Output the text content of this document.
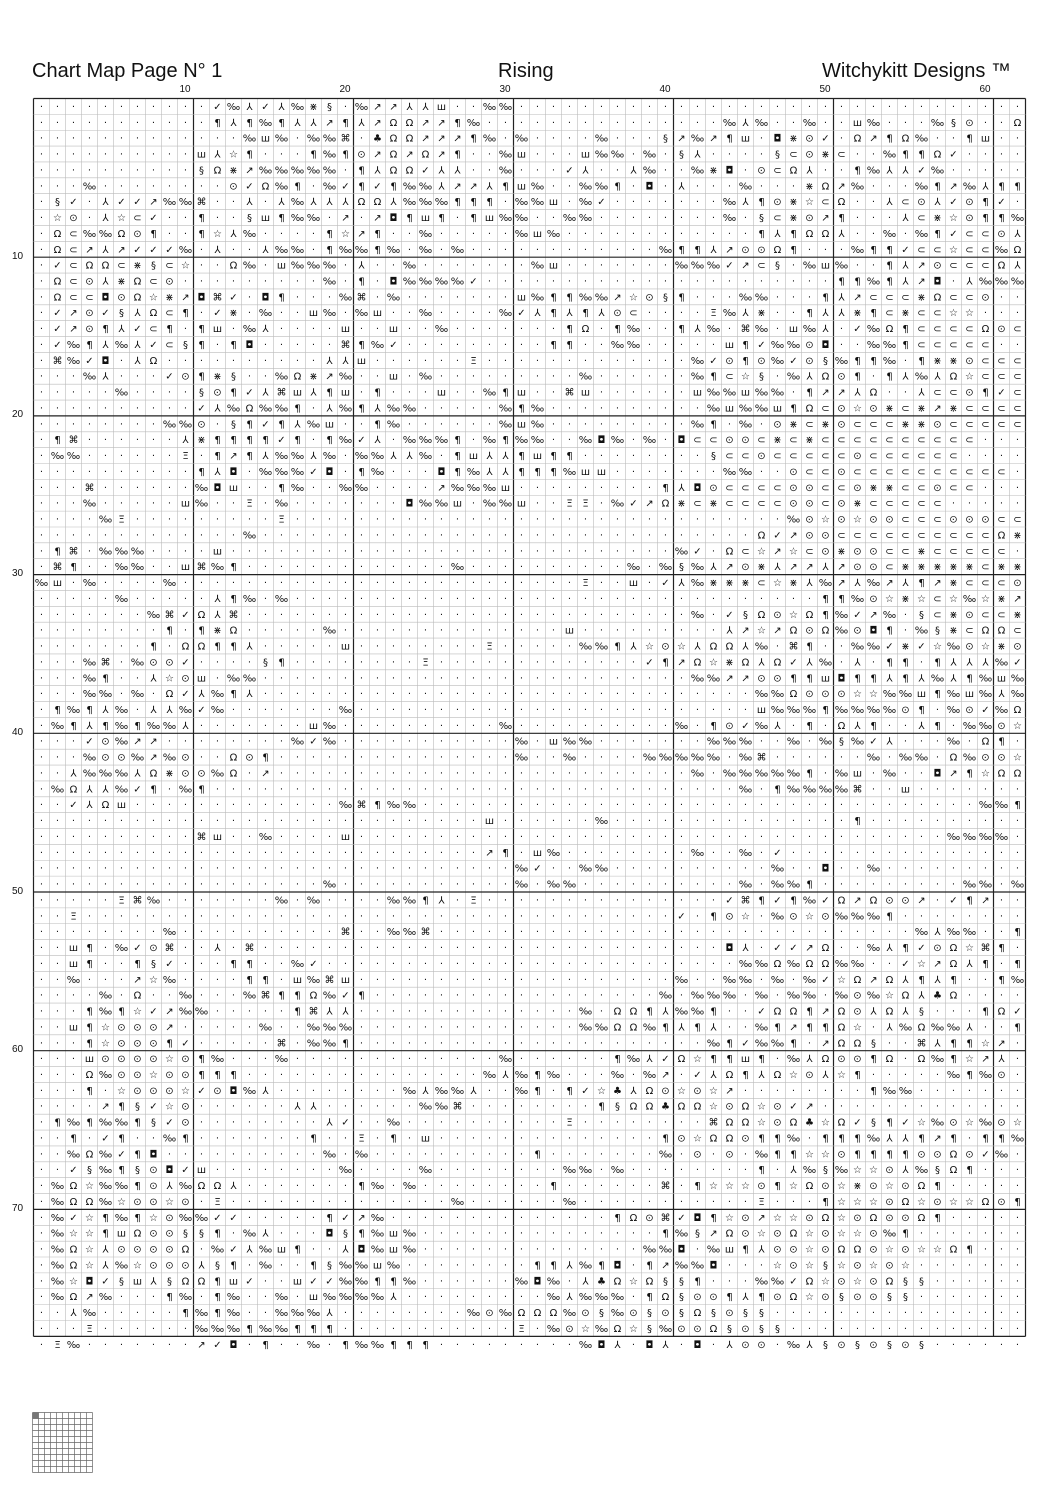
Chart Map Page N° 1	Rising	Witchykitt Designs ™
10	20	30	40	50	60
10
20
30
40
50
60
70
· · · · · · · · · · · ✓ ‰ ⅄ ✓ ⅄ ‰ ⋇ § · ‰ ↗ ↗ ⅄ ⅄ ш · · ‰ ‰ · · · · · · · · · · · · · · · · · · · · · · · · · · · · · · · ·
· · · · · · · · · · · ¶ ⅄ ¶ ‰ ¶ ⅄ ⅄ ↗ ¶ ⅄ ↗ Ω Ω ↗ ↗ ¶ ‰ · · · · · · · · · · · · · · · ‰ ⅄ ‰ · · ‰ · · ш ‰ · · · ‰ § ⊙ · · Ω
· · · · · · · · · · · · · ‰ ш ‰ · ‰ ‰ ⌘ · ♣ Ω Ω ↗ ↗ ↗ ¶ ‰ · ‰ · · · · ‰ · · · § ↗ ‰ ↗ ¶ ш · ◘ ⋇ ⊙ ✓ · Ω ↗ ¶ Ω ‰ · · ¶ ш · ·
· · · · · · · · · · ш ⅄ ☆ ¶ · · · ¶ ‰ ¶ ⊙ ↗ Ω ↗ Ω ↗ ¶ · · ‰ ш · · · ш ‰ ‰ · ‰ · § ⅄ · · · · § ⊂ ⊙ ⋇ ⊂ · · ‰ ¶ ¶ Ω ✓ · · · ·
· · · · · · · · · · § Ω ⋇ ↗ ‰ ‰ ‰ ‰ ‰ · ¶ ⅄ Ω Ω ✓ ⅄ ⅄ · · ‰ · · · ✓ ⅄ · · ⅄ ‰ · · ‰ ⋇ ◘ · ⊙ ⊂ Ω ⅄ · · ¶ ‰ ⅄ ⅄ ✓ ‰ · · · · ·
· · · ‰ · · · · · · · · ⊙ ✓ Ω ‰ ¶ · ‰ ✓ ¶ ✓ ¶ ‰ ‰ ⅄ ↗ ↗ ⅄ ¶ ш ‰ · · ‰ ‰ ¶ · ◘ · ⅄ · · · ‰ · · · ⋇ Ω ↗ ‰ · · · ‰ ¶ ↗ ‰ ⅄ ¶ ¶
· § ✓ · ⅄ ✓ ✓ ↗ ‰ ‰ ⌘ · · ⅄ · ⅄ ‰ ⅄ ⅄ ⅄ Ω Ω ⅄ ‰ ‰ ‰ ¶ ¶ ¶ · ‰ ‰ ш · ‰ ✓ · · · · · · · ‰ ⅄ ¶ ⊙ ⋇ ☆ ⊂ Ω · · ⅄ ⊂ ⊙ ⅄ ✓ ⊙ ¶ ✓ ·
· ☆ ⊙ · ⅄ ☆ ⊂ ✓ · · ¶ · · § ш ¶ ‰ ‰ · ↗ · ↗ ◘ ¶ ш ¶ · ¶ ш ‰ ‰ · · ‰ ‰ · · · · · · · · ‰ · § ⊂ ⋇ ⊙ ↗ ¶ · · · ⅄ ⊂ ⋇ ☆ ⊙ ¶ ¶ ‰
· Ω ⊂ ‰ ‰ Ω ⊙ ¶ · · ¶ ☆ ⅄ ‰ · · · · ¶ ☆ ↗ ¶ · · ‰ · · · · · ‰ ш ‰ · · · · · · · · · · · · ¶ ⅄ ¶ Ω Ω ⅄ · · ‰ · ‰ ¶ ✓ ⊂ ⊂ ⊙ ⅄
· Ω ⊂ ↗ ⅄ ↗ ✓ ✓ ✓ ‰ · ⅄ · · ⅄ ‰ ‰ · ¶ ‰ ‰ ¶ ‰ · ‰ · ‰ · · · · · · · · · · · · ‰ ¶ ¶ ⅄ ↗ ⊙ ⊙ Ω ¶ · · · ‰ ¶ ¶ ✓ ⊂ ⊂ ☆ ⊂ ⊂ ‰ Ω
· ✓ ⊂ Ω Ω ⊂ ⋇ § ⊂ ☆ · · Ω ‰ · ш ‰ ‰ ‰ · ⅄ · · ‰ · · · · · · · ‰ ш · · · · · · · ‰ ‰ ‰ ✓ ↗ ⊂ § · ‰ ш ‰ · · ¶ ⅄ ↗ ⊙ ⊂ ⊂ ⊂ Ω ⅄
· Ω ⊂ ⊙ ⅄ ⋇ Ω ⊂ ⊙ · · · · · · · · · ‰ · ¶ · ◘ ‰ ‰ ‰ ‰ ✓ · · · · · · · · · · · · · · · · · · · · · · ¶ ¶ ‰ ¶ ⅄ ↗ ◘ · ⅄ ‰ ‰ ‰
· Ω ⊂ ⊂ ◘ ⊙ Ω ☆ ⋇ ↗ ◘ ⌘ ✓ · ◘ ¶ · · · ‰ ⌘ · ‰ · · · · · · · ш ‰ ¶ ¶ ‰ ‰ ↗ ☆ ⊙ § ¶ · · · ‰ ‰ · · · ¶ ⅄ ↗ ⊂ ⊂ ⊂ ⋇ Ω ⊂ ⊂ ⊙ · ·
· ✓ ↗ ⊙ ✓ § ⅄ Ω ⊂ ¶ · ✓ ⋇ · ‰ · · ш ‰ · ‰ ш · · ‰ · · · · ‰ ✓ ⅄ ¶ ⅄ ¶ ⅄ ⊙ ⊂ · · · · Ξ ‰ ⅄ ⋇ · · ¶ ⅄ ⅄ ⋇ ¶ ⊂ ⋇ ⊂ ⊂ ☆ ☆ · · ·
· ✓ ↗ ⊙ ¶ ⅄ ✓ ⊂ ¶ · ¶ ш · ‰ ⅄ · · · · ш · · ш · · ‰ · · · · · · · ¶ Ω · ¶ ‰ · · ¶ ⅄ ‰ · ⌘ ‰ · ш ‰ ⅄ · ✓ ‰ Ω ¶ ⊂ ⊂ ⊂ ⊂ Ω ⊙ ⊂
· ✓ ‰ ¶ ⅄ ‰ ⅄ ✓ ⊂ § ¶ · ¶ ◘ · · · · · ⌘ ¶ ‰ ✓ · · · · · · · · · ¶ ¶ · · ‰ ‰ · · · · · ш ¶ ✓ ‰ ‰ ⊙ ◘ · · ‰ ‰ ¶ ⊂ ⊂ ⊂ ⊂ ⊂ · ·
· ⌘ ‰ ✓ ◘ · ⅄ Ω · · · · · · · · · · ⅄ ⅄ ш · · · · · · Ξ · · · · · · · · · · · · · ‰ ✓ ⊙ ¶ ⊙ ‰ ✓ ⊙ § ‰ ¶ ¶ ‰ · ¶ ⋇ ⋇ ⊙ ⊂ ⊂ ⊂
· · · ‰ ⅄ · · · ✓ ⊙ ¶ ⋇ § · · ‰ Ω ⋇ ↗ ‰ · · ш · ‰ · · · · · · · · · ‰ · · · · · · ‰ ¶ ⊂ ☆ § · ‰ ⅄ Ω ⊙ ¶ · ¶ ⅄ ‰ ⅄ Ω ☆ ⊂ ⊂ ⊂
· · · · · ‰ · · · · § ⊙ ¶ ✓ ⅄ ⌘ ш ⅄ ¶ ш · ¶ · · · ш · · ‰ ¶ ш · · ⌘ ш · · · · · · ш ‰ ‰ ш ‰ ‰ · ¶ ↗ ↗ ⅄ Ω · · ⅄ ⊂ ⊂ ⊙ ¶ ✓ ⊂
· · · · · · · · · · ✓ ⅄ ‰ Ω ‰ ‰ ¶ · ⅄ ‰ ¶ ⅄ ‰ ‰ · · · · · ‰ ¶ ‰ · · · · · · · · · · ‰ ш ‰ ‰ ш ¶ Ω ⊂ ⊙ ☆ ⊙ ⋇ ⊂ ⋇ ↗ ⋇ ⊂ ⊂ ⊂ ⊂
· · · · · · · · ‰ ‰ ⊙ · § ¶ ✓ ¶ ⅄ ‰ ш · · ¶ ‰ · · · · · · ‰ ш ‰ · · · · · · · · · ‰ ¶ · ‰ · ⊙ ⋇ ⊂ ⋇ ⊙ ⊂ ⊂ ⊂ ⋇ ⋇ ⊙ ⊂ ⊂ ⊂ ⊂ ⊂
· ¶ ⌘ · · · · · · ⅄ ⋇ ¶ ¶ ¶ ¶ ✓ ¶ · ¶ ‰ ✓ ⅄ · ‰ ‰ ‰ ¶ · ‰ ¶ ‰ ‰ · · ‰ ◘ ‰ · ‰ · ◘ ⊂ ⊂ ⊙ ⊙ ⊂ ⋇ ⊂ ⋇ ⊂ ⊂ ⊂ ⊂ ⊂ ⊂ ⊂ ⊂ ⊂ ⊂ · · ·
· ‰ ‰ · · · · · · Ξ · ¶ ↗ ¶ ⅄ ‰ ‰ ⅄ ‰ · ‰ ‰ ⅄ ⅄ ‰ · ¶ ш ⅄ ⅄ ¶ ш ¶ ¶ · · · · · · · · § ⊂ ⊂ ⊙ ⊂ ⊂ ⊂ ⊂ ⊂ ⊙ ⊂ ⊂ ⊂ ⊂ ⊂ ⊂ · · · ·
· · · · · · · · · · ¶ ⅄ ◘ · ‰ ‰ ‰ ✓ ◘ · ¶ ‰ · · · ◘ ¶ ‰ ⅄ ⅄ ¶ ¶ ¶ ‰ ш ш · · · · · · · ‰ ‰ · · ⊙ ⊂ ⊂ ⊙ ⊂ ⊂ ⊂ ⊂ ⊂ ⊂ ⊂ ⊂ ⊂ ⊂ ·
· · · ⌘ · · · · · · ‰ ◘ ш · · ¶ ‰ · · ‰ ‰ · · · · ↗ ‰ ‰ ‰ ш · · · · · · · · · ¶ ⅄ ◘ ⊙ ⊂ ⊂ ⊂ ⊂ ⊙ ⊙ ⊂ ⊂ ⊙ ⋇ ⋇ ⊂ ⊂ ⊙ ⊂ ⊂ · · ·
· · · ‰ · · · · · ш ‰ · · Ξ · ‰ · · · · · · · ◘ ‰ ‰ ш · ‰ ‰ ш · · Ξ Ξ · ‰ ✓ ↗ Ω ⋇ ⊂ ⋇ ⊂ ⊂ ⊂ ⊂ ⊙ ⊙ ⊂ ⊙ ⋇ ⊂ ⊂ ⊂ ⊂ ⊂ · · · · ·
· · · · ‰ Ξ · · · · · · · · · Ξ · · · · · · · · · · · · · · · · · · · · · · · · · · · · · · · ‰ ⊙ ☆ ⊙ ☆ ⊙ ⊙ ⊂ ⊂ ⊂ ⊙ ⊙ ⊙ ⊂ ⊂
· · · · · · · · · · · · · ‰ · · · · · · · · · · · · · · · · · · · · · · · · · · · · · · · Ω ✓ ↗ ⊙ ⊙ ⊂ ⊂ ⊂ ⊂ ⊂ ⊂ ⊂ ⊂ ⊂ ⊂ Ω ⋇
· ¶ ⌘ · ‰ ‰ ‰ · · · · ш · · · · · · · · · · · · · · · · · · · · · · · · · · · · ‰ ✓ · Ω ⊂ ☆ ↗ ☆ ⊂ ⊙ ⋇ ⊙ ⊙ ⊂ ⊂ ⋇ ⊂ ⊂ ⊂ ⊂ ⊂ ·
· ⌘ ¶ · · ‰ ‰ · · ш ⌘ ‰ ¶ · · · · · · · · · · · · · ‰ · · · · · · · · · · ‰ · ‰ § ‰ ⅄ ↗ ⊙ ⋇ ⅄ ↗ ↗ ⅄ ↗ ⊙ ⊙ ⊂ ⋇ ⋇ ⋇ ⋇ ⋇ ⊂ ⋇ ⋇
‰ ш · ‰ · · · · ‰ · · · · · · · · · · · · · · · · · · · · · · · · · Ξ · · ш · ✓ ⅄ ‰ ⋇ ⋇ ⋇ ⊂ ☆ ⋇ ⅄ ‰ ↗ ⅄ ‰ ↗ ⅄ ¶ ↗ ⋇ ⊂ ⊂ ⊂ ⊙
· · · · · ‰ · · · · · ⅄ ¶ ‰ · ‰ · · · · · · · · · · · · · · · · · · · · · · · · · · · · · · · · · ¶ ¶ ‰ ⊙ ☆ ⋇ ☆ ⊂ ☆ ‰ ☆ ⋇ ↗
· · · · · · · ‰ ⌘ ✓ Ω ⅄ ⌘ · · · · · · · · · · · · · · · · · · · · · · · · · · · · ‰ · ✓ § Ω ⊙ ☆ Ω ¶ ‰ ✓ ↗ ‰ · § ⊂ ⋇ ⊙ ⊂ ⊂ ⋇
· · · · · · · · ¶ · ¶ ⋇ Ω · · · · · ‰ · · · · · · · · · · · · · · ш · · · · · · · · · ⅄ ↗ ☆ ↗ Ω ⊙ Ω ‰ ⊙ ◘ ¶ · ‰ § ⋇ ⊂ Ω Ω ⊂
· · · · · · · ¶ · Ω Ω ¶ ¶ ⅄ · · · · · ш · · · · · · · · Ξ · · · · · ‰ ‰ ¶ ⅄ ☆ ⊙ ☆ ⅄ Ω Ω ⅄ ‰ · ⌘ ¶ · · ‰ ‰ ✓ ⋇ ✓ ☆ ‰ ⊙ ☆ ⋇ ⊙
· · · ‰ ⌘ · ‰ ⊙ ⊙ ✓ · · · · § ¶ · · · · · · · · Ξ · · · · · · · · · · · · · ✓ ¶ ↗ Ω ☆ ⋇ Ω ⅄ Ω ✓ ⅄ ‰ · ⅄ · ¶ ¶ · ¶ ⅄ ⅄ ⅄ ‰ ✓
· · · ‰ ¶ · · ⅄ ☆ ⊙ ш · ‰ ‰ · · · · · · · · · · · · · · · · · · · · · · · · · · · ‰ ‰ ↗ ↗ ⊙ ⊙ ¶ ¶ ш ◘ ¶ ¶ ⅄ ¶ ⅄ ‰ ⅄ ¶ ‰ ш ‰
· · · ‰ ‰ · ‰ · Ω ✓ ⅄ ‰ ¶ ⅄ · · · · · · · · · · · · · · · · · · · · · · · · · · · · · · · ‰ ‰ Ω ⊙ ⊙ ⊙ ☆ ☆ ‰ ‰ ш ¶ ‰ ш ‰ ⅄ ‰
· ¶ ‰ ¶ ⅄ ‰ · ⅄ ⅄ ‰ ✓ ‰ · · · · · · · ‰ · · · · · · · · · · · · · · · · · · · · · · · · · ш ‰ ‰ ‰ ¶ ‰ ‰ ‰ ‰ ⊙ ¶ · ‰ ⊙ ✓ ‰ Ω
· ‰ ¶ ⅄ ¶ ‰ ¶ ‰ ‰ ⅄ · · · · · · · ш ‰ · · · · · · · · · · ‰ · · · · · · · · · · ‰ · ¶ ⊙ ✓ ‰ ⅄ · ¶ · Ω ⅄ ¶ · · ⅄ ¶ · ‰ ‰ ⊙ ☆
· · · ✓ ⊙ ‰ ↗ ↗ · · · · · · · · ‰ ✓ ‰ · · · · · · · · · · · ‰ · ш ‰ ‰ · · · · · · · ‰ ‰ ‰ · · ‰ · ‰ § ‰ ✓ ⅄ · · · ‰ · Ω ¶ ·
· · · ‰ ⊙ ⊙ ‰ ↗ ‰ ⊙ · · Ω ⊙ ¶ · · · · · · · · · · · · · · · ‰ · · ‰ · · · · ‰ ‰ ‰ ‰ ‰ · ‰ ⌘ · · · · · · ‰ · ‰ ‰ · Ω ‰ ⊙ ⊙ ☆
· · ⅄ ‰ ‰ ‰ ⅄ Ω ⋇ ⊙ ⊙ ‰ Ω · ↗ · · · · · · · · · · · · · · · · · · · · · · · · · · ‰ · ‰ ‰ ‰ ‰ ‰ ¶ · ‰ ш · ‰ · · ◘ ↗ ¶ ☆ Ω Ω
· ‰ Ω ⅄ ⅄ ‰ ✓ ¶ · ‰ ¶ · · · · · · · · · · · · · · · · · · · · · · · · · · · · · · · · · ‰ · ¶ ‰ ‰ ‰ ‰ ⌘ · · ш · · · · · · ·
· · ✓ ⅄ Ω ш · · · · · · · · · · · · · ‰ ⌘ ¶ ‰ ‰ · · · · · · · · · · · · · · · · · · · · · · · · · · · · · · · · · · · ‰ ‰ ¶
· · · · · · · · · · · · · · · · · · · · · · · · · · · · ш · · · · · · ‰ · · · · · · · · · · · · · · · ¶ · · · · · · · · · ·
· · · · · · · · · · ⌘ ш · · ‰ · · · · ш · · · · · · · · · · · · · · · · · · · · · · · · · · · · · · · · · · · · · ‰ ‰ ‰ ‰ ·
· · · · · · · · · · · · · · · · · · · · · · · · · · · · ↗ ¶ · ш ‰ · · · · · · · · ‰ · · ‰ · ✓ · · · · · · · · · · · · · · ·
· · · · · · · · · · · · · · · · · · · · · · · · · · · · · · ‰ ✓ · · ‰ ‰ · · · · · · · · · · ‰ · · ◘ · · ‰ · · · · · · · · ·
· · · · · · · · · · · · · · · · · · ‰ · · · · · · · · · · · ‰ · ‰ ‰ · · · · · · · · · · ‰ · ‰ ‰ ¶ · · · · · · · · · ‰ ‰ · ‰
· · · · · Ξ ⌘ ‰ · · · · · · · ‰ · ‰ · · · · ‰ ‰ ¶ ⅄ · Ξ · · · · · · · · · · · · · · · ✓ ⌘ ¶ ✓ ¶ ‰ ✓ Ω ↗ Ω ⊙ ⊙ ↗ · ✓ ¶ ↗ · ·
· · Ξ · · · · · · · · · · · · · · · · · · · · · · · · · · · · · · · · · · · · · ✓ · ¶ ⊙ ☆ · ‰ ⊙ ☆ ⊙ ‰ ‰ ‰ ¶ · · · · · · · ·
· · · · · · · · ‰ · · · · · · · · · · ⌘ · · ‰ ‰ ⌘ · · · · · · · · · · · · · · · · · · · · · · · · · · · · · · ‰ ⅄ ‰ ‰ · · ¶
· · ш ¶ · ‰ ✓ ⊙ ⌘ · · ⅄ · ⌘ · · · · · · · · · · · · · · · · · · · · · · · · · · · · · ◘ ⅄ · ✓ ✓ ↗ Ω · · ‰ ⅄ ¶ ✓ ⊙ Ω ☆ ⌘ ¶ ·
· · ш ¶ · · ¶ § ✓ · · · ¶ ¶ · · ‰ ✓ · · · · · · · · · · · · · · · · · · · · · · · · · · ‰ ‰ Ω ‰ Ω Ω ‰ ‰ · · ✓ ☆ ↗ Ω ⅄ ¶ · ¶
· · ‰ · · · ↗ ☆ ‰ · · · · ¶ ¶ · ш ‰ ⌘ ш · · · · · · · · · · · · · · · · · · · · ‰ · · ‰ ‰ · ‰ · ‰ ✓ ☆ Ω ↗ Ω ⅄ ¶ ⅄ ¶ · · ¶ ‰
· · · · ‰ · Ω · · ‰ · · · ‰ ⌘ ¶ ¶ Ω ‰ ✓ ¶ · · · · · · · · · · · · · · · · · · ‰ · ‰ ‰ ‰ · ‰ · ‰ ‰ · ‰ ⊙ ‰ ☆ Ω ⅄ ♣ Ω · · · ·
· · · ¶ ‰ ¶ ☆ ✓ ↗ ‰ ‰ · · · · · ¶ ⌘ ⅄ ⅄ · · · · · · · · · · · · · · ‰ · Ω Ω ¶ ⅄ ‰ ‰ ¶ · · ✓ Ω Ω ¶ ↗ Ω ⊙ ⅄ Ω ⅄ § · · · ¶ Ω ✓
· · ш ¶ ☆ ⊙ ⊙ ⊙ ↗ · · · · · ‰ · · ‰ ‰ ‰ · · · · · · · · · · · · · · ‰ ‰ Ω Ω ‰ ¶ ⅄ ¶ ⅄ · · ‰ ¶ ↗ ¶ ¶ Ω ☆ · ⅄ ‰ Ω ‰ ‰ ⅄ · · ¶
· · · ¶ ☆ ⊙ ⊙ ⊙ ¶ ✓ · · · · · ⌘ · ‰ ‰ ¶ · · · · · · · · · · · · · · · · · · · · · · ‰ ¶ ✓ ‰ ‰ ¶ · ↗ Ω Ω § · · ⌘ ⅄ ¶ ¶ ☆ ↗ ·
· · · ш ⊙ ⊙ ⊙ ⊙ ☆ ⊙ ¶ ‰ · · · ‰ · · · · · · · · · · · · · ‰ · · · · · · ¶ ‰ ⅄ ✓ Ω ☆ ¶ ¶ ш ¶ · ‰ ⅄ Ω ⊙ ⊙ ¶ Ω · Ω ‰ ¶ ☆ ↗ ⅄ ·
· · · Ω ‰ ⊙ ⊙ ☆ ⊙ ⊙ ¶ ¶ ¶ · · · · · · · · · · · · · · · ‰ ⅄ ‰ ¶ ‰ · · · ‰ · ‰ ↗ · ✓ ⅄ Ω ¶ ⅄ Ω ☆ ⊙ ⅄ ☆ ¶ · · · · · ‰ ¶ ‰ ⊙ ·
· · · ¶ · ☆ ⊙ ⊙ ⊙ ☆ ✓ ⊙ ◘ ‰ ⅄ · · · · · · · · ‰ ⅄ ‰ ‰ ⅄ · · ‰ ¶ · ¶ ✓ ☆ ♣ ⅄ Ω ⊙ ☆ ⊙ ☆ ↗ · · · · · · · · ¶ ‰ ‰ · · · · · · ·
· · · · ↗ ¶ § ✓ ☆ ⊙ · · · · · · ⅄ ⅄ · · · · · · ‰ ‰ ⌘ · · · · · · · · ¶ § Ω Ω ♣ Ω Ω ☆ ⊙ Ω ☆ ⊙ ✓ ↗ · · · · · · · · · · · · ·
· ¶ ‰ ¶ ‰ ‰ ¶ § ✓ ⊙ · · · · · · · · ⅄ ✓ · · ‰ · · · · · · · · · · Ξ · · · · · · · · ⌘ Ω Ω ☆ ⊙ Ω ♣ ☆ Ω ✓ § ¶ ✓ ☆ ‰ ⊙ ☆ ‰ ⊙ ☆
· · ¶ · ✓ ¶ · · ‰ ¶ · · · · · · · ¶ · · Ξ · ¶ · ш · · · · · · · · · · · · · · ¶ ⊙ ☆ Ω Ω ⊙ ¶ ¶ ‰ · ¶ ¶ ¶ ‰ ⅄ ⅄ ¶ ↗ ¶ · ¶ ¶ ‰
· · ‰ Ω ‰ ✓ ¶ ◘ · · · · · · · · · · ‰ · ‰ · · · · · · · · · · ¶ · · · · · · · ‰ · ⊙ · ⊙ · ‰ ¶ ¶ ☆ ☆ ⊙ ¶ ¶ ¶ ¶ ⊙ ⊙ Ω ⊙ ✓ ‰ ·
· · ✓ § ‰ ¶ § ⊙ ◘ ✓ ш · · · · · · · · ‰ · · · · ‰ · · · · · · · · ‰ ‰ · ‰ · · · · · · · · ¶ · ⅄ ‰ § ‰ ☆ ☆ ⊙ ⅄ ‰ § Ω ¶ · · ·
· ‰ Ω ☆ ‰ ‰ ¶ ⊙ ⅄ ‰ Ω Ω ⅄ · · · · · · · ¶ ‰ · ‰ · · · · · · · · ¶ · · · · · · ⌘ · ¶ ☆ ☆ ☆ ⊙ ¶ ☆ Ω ⊙ ☆ ⋇ ⊙ ☆ ⊙ Ω ¶ · · · · ·
· ‰ Ω Ω ‰ ☆ ⊙ ⊙ ☆ ⊙ · Ξ · · · · · · · · · · · · · · ‰ · · · · · · ‰ · · · · · · · · · · · Ξ · · · ¶ ☆ ☆ ☆ ⊙ Ω ☆ ⊙ ☆ ☆ Ω ⊙ ¶
· ‰ ✓ ☆ ¶ ‰ ¶ ☆ ⊙ ‰ ‰ ✓ ✓ · · · · · ¶ ✓ ↗ ‰ · · · · · · · · · · · · · · ¶ Ω ⊙ ⌘ ✓ ◘ ¶ ☆ ⊙ ↗ ☆ ☆ ⊙ Ω ☆ ⊙ Ω ⊙ ⊙ Ω ¶ · · · · ·
· ‰ ☆ ☆ ¶ ш Ω ⊙ ⊙ § § ¶ · ‰ ⅄ · · · ◘ § ¶ ‰ ш ‰ · · · · · · · · · · · · · · · ¶ ‰ § ↗ Ω ⊙ ☆ ⊙ Ω ☆ ⊙ ☆ ☆ ⊙ ‰ ¶ · · · · · · ·
· ‰ Ω ☆ ⅄ ⊙ ⊙ ⊙ ⊙ Ω · ‰ ✓ ⅄ ‰ ш ¶ · · ⅄ ◘ ‰ ш ‰ · · · · · · · · · · · · · · ‰ ‰ ◘ · ‰ ш ¶ ⅄ ⊙ ⊙ ☆ ⊙ Ω Ω ⊙ ☆ ⊙ ☆ ☆ Ω ¶ · · ·
· ‰ Ω ☆ ⅄ ‰ ☆ ⊙ ⊙ ⊙ ⅄ § ¶ · ‰ · · ¶ § ‰ ‰ ш ‰ · · · · · · · · ¶ ¶ ⅄ ‰ ¶ ◘ · ¶ ↗ ‰ ‰ ◘ · · · ☆ ⊙ ☆ § ☆ ⊙ ☆ ⊙ ☆ · · · · · · ·
· ‰ ☆ ◘ ✓ § ш ⅄ § Ω Ω ¶ ш ✓ · · ш ✓ ✓ ‰ ‰ ¶ ¶ ‰ · · · · · · ‰ ◘ ‰ · ⅄ ♣ Ω ☆ Ω § § ¶ · · · ‰ ‰ ✓ Ω ☆ ⊙ ☆ ⊙ Ω § § · · · · · ·
· ‰ Ω ↗ ‰ · · · ¶ ‰ · ¶ ‰ · · ‰ · ш ‰ ‰ ‰ ‰ ⅄ · · · · · · · · · ‰ ⅄ ‰ ‰ ‰ · ¶ Ω § ⊙ ⊙ ¶ ⅄ ¶ ⊙ Ω ☆ ⊙ § ⊙ ⊙ § § · · · · · · ·
· · ⅄ ‰ · · · · · ¶ ‰ ¶ ‰ · · ‰ ‰ ‰ ⅄ · · · · · · · · ‰ ⊙ ‰ Ω Ω Ω ‰ ⊙ § ‰ ⊙ § ⊙ § Ω § ⊙ § § · · · · · · · · · · · · · · · ·
· · · Ξ · · · · · · ‰ ‰ ‰ ¶ ‰ ‰ ¶ ¶ ¶ · · · · · · · · · · · Ξ · ‰ ⊙ ☆ ‰ Ω ☆ § ‰ ⊙ ⊙ Ω § ⊙ § § · · · · · · · · · · · · · · ·
· Ξ ‰ · · · · · · · ↗ ✓ ◘ · ¶ · · ‰ · ¶ ‰ ‰ ¶ ¶ ¶ · · · · · · · · · ‰ ◘ ⅄ · ◘ ⅄ · ◘ · ⅄ ⊙ ⊙ · ‰ ⅄ § ⊙ § ⊙ § ⊙ § · · · · · ·
